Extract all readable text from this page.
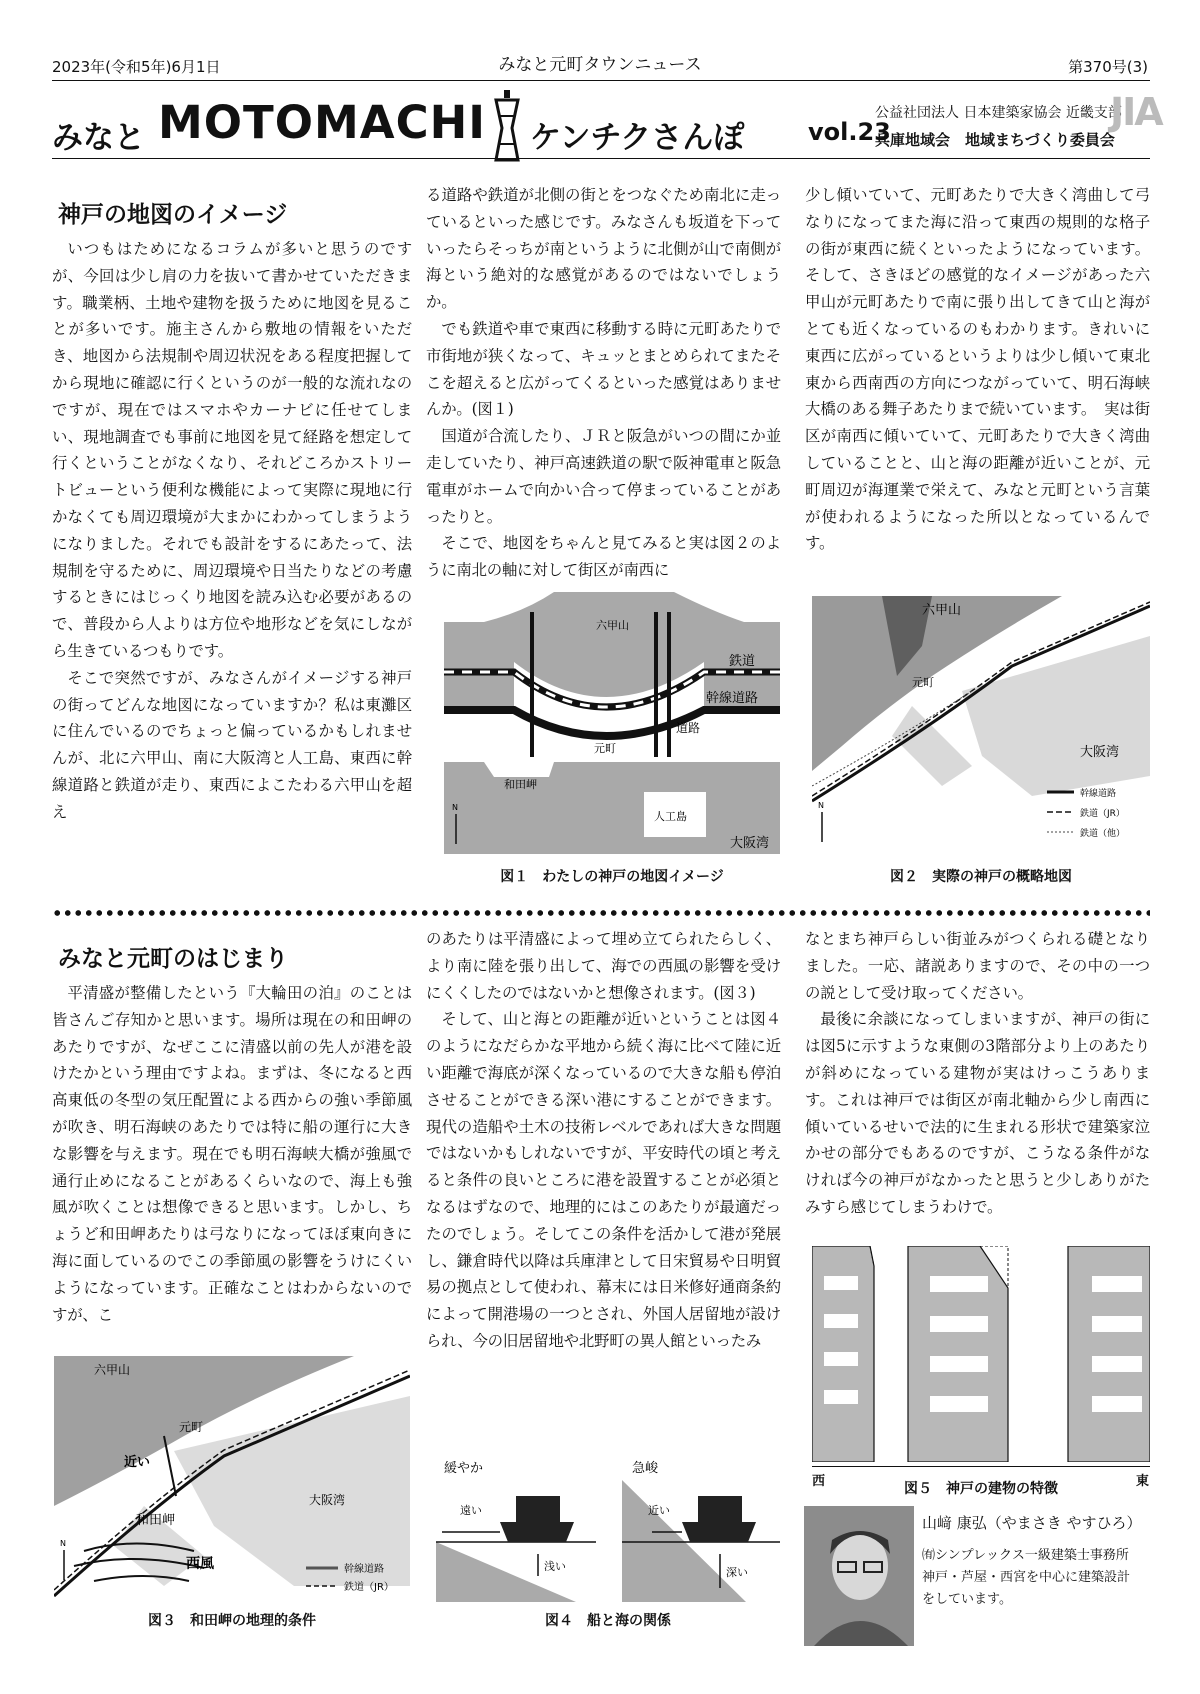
2023年(令和5年)6月1日	みなと元町タウンニュース	第370号(3)
みなと MOTOMACHI ケンチクさんぽ	vol.23
公益社団法人 日本建築家協会 近畿支部
兵庫地域会　地域まちづくり委員会
JIA
神戸の地図のイメージ

いつもはためになるコラムが多いと思うのですが、今回は少し肩の力を抜いて書かせていただきます。職業柄、土地や建物を扱うために地図を見ることが多いです。施主さんから敷地の情報をいただき、地図から法規制や周辺状況をある程度把握してから現地に確認に行くというのが一般的な流れなのですが、現在ではスマホやカーナビに任せてしまい、現地調査でも事前に地図を見て経路を想定して行くということがなくなり、それどころかストリートビューという便利な機能によって実際に現地に行かなくても周辺環境が大まかにわかってしまうようになりました。それでも設計をするにあたって、法規制を守るために、周辺環境や日当たりなどの考慮するときにはじっくり地図を読み込む必要があるので、普段から人よりは方位や地形などを気にしながら生きているつもりです。

そこで突然ですが、みなさんがイメージする神戸の街ってどんな地図になっていますか？私は東灘区に住んでいるのでちょっと偏っているかもしれませんが、北に六甲山、南に大阪湾と人工島、東西に幹線道路と鉄道が走り、東西によこたわる六甲山を超え

る道路や鉄道が北側の街とをつなぐため南北に走っているといった感じです。みなさんも坂道を下っていったらそっちが南というように北側が山で南側が海という絶対的な感覚があるのではないでしょうか。

でも鉄道や車で東西に移動する時に元町あたりで市街地が狭くなって、キュッとまとめられてまたそこを超えると広がってくるといった感覚はありませんか。(図１)

国道が合流したり、ＪＲと阪急がいつの間にか並走していたり、神戸高速鉄道の駅で阪神電車と阪急電車がホームで向かい合って停まっていることがあったりと。

そこで、地図をちゃんと見てみると実は図２のように南北の軸に対して街区が南西に

少し傾いていて、元町あたりで大きく湾曲して弓なりになってまた海に沿って東西の規則的な格子の街が東西に続くといったようになっています。そして、さきほどの感覚的なイメージがあった六甲山が元町あたりで南に張り出してきて山と海がとても近くなっているのもわかります。きれいに東西に広がっているというよりは少し傾いて東北東から西南西の方向につながっていて、明石海峡大橋のある舞子あたりまで続いています。　実は街区が南西に傾いていて、元町あたりで大きく湾曲していることと、山と海の距離が近いことが、元町周辺が海運業で栄えて、みなと元町という言葉が使われるようになった所以となっているんです。

六甲山
鉄道
幹線道路
元町
道路
和田岬
人工島
大阪湾
N
図１　わたしの神戸の地図イメージ
六甲山
元町
大阪湾
幹線道路
鉄道（JR）
鉄道（他）
N
図２　実際の神戸の概略地図
みなと元町のはじまり

平清盛が整備したという『大輪田の泊』のことは皆さんご存知かと思います。場所は現在の和田岬のあたりですが、なぜここに清盛以前の先人が港を設けたかという理由ですよね。まずは、冬になると西高東低の冬型の気圧配置による西からの強い季節風が吹き、明石海峡のあたりでは特に船の運行に大きな影響を与えます。現在でも明石海峡大橋が強風で通行止めになることがあるくらいなので、海上も強風が吹くことは想像できると思います。しかし、ちょうど和田岬あたりは弓なりになってほぼ東向きに海に面しているのでこの季節風の影響をうけにくいようになっています。正確なことはわからないのですが、こ

のあたりは平清盛によって埋め立てられたらしく、より南に陸を張り出して、海での西風の影響を受けにくくしたのではないかと想像されます。(図３)

そして、山と海との距離が近いということは図４のようになだらかな平地から続く海に比べて陸に近い距離で海底が深くなっているので大きな船も停泊させることができる深い港にすることができます。現代の造船や土木の技術レベルであれば大きな問題ではないかもしれないですが、平安時代の頃と考えると条件の良いところに港を設置することが必須となるはずなので、地理的にはこのあたりが最適だったのでしょう。そしてこの条件を活かして港が発展し、鎌倉時代以降は兵庫津として日宋貿易や日明貿易の拠点として使われ、幕末には日米修好通商条約によって開港場の一つとされ、外国人居留地が設けられ、今の旧居留地や北野町の異人館といったみ

なとまち神戸らしい街並みがつくられる礎となりました。一応、諸説ありますので、その中の一つの説として受け取ってください。

最後に余談になってしまいますが、神戸の街には図5に示すような東側の3階部分より上のあたりが斜めになっている建物が実はけっこうあります。これは神戸では街区が南北軸から少し南西に傾いているせいで法的に生まれる形状で建築家泣かせの部分でもあるのですが、こうなる条件がなければ今の神戸がなかったと思うと少しありがたみすら感じてしまうわけで。

六甲山
元町
近い
和田岬
大阪湾
西風	幹線道路
鉄道（JR）
N
図３　和田岬の地理的条件
緩やか	急峻
遠い
浅い
近い
深い
図４　船と海の関係
西	東
図５　神戸の建物の特徴
山﨑 康弘（やまさき やすひろ）
㈲シンプレックス一級建築士事務所
神戸・芦屋・西宮を中心に建築設計
をしています。
